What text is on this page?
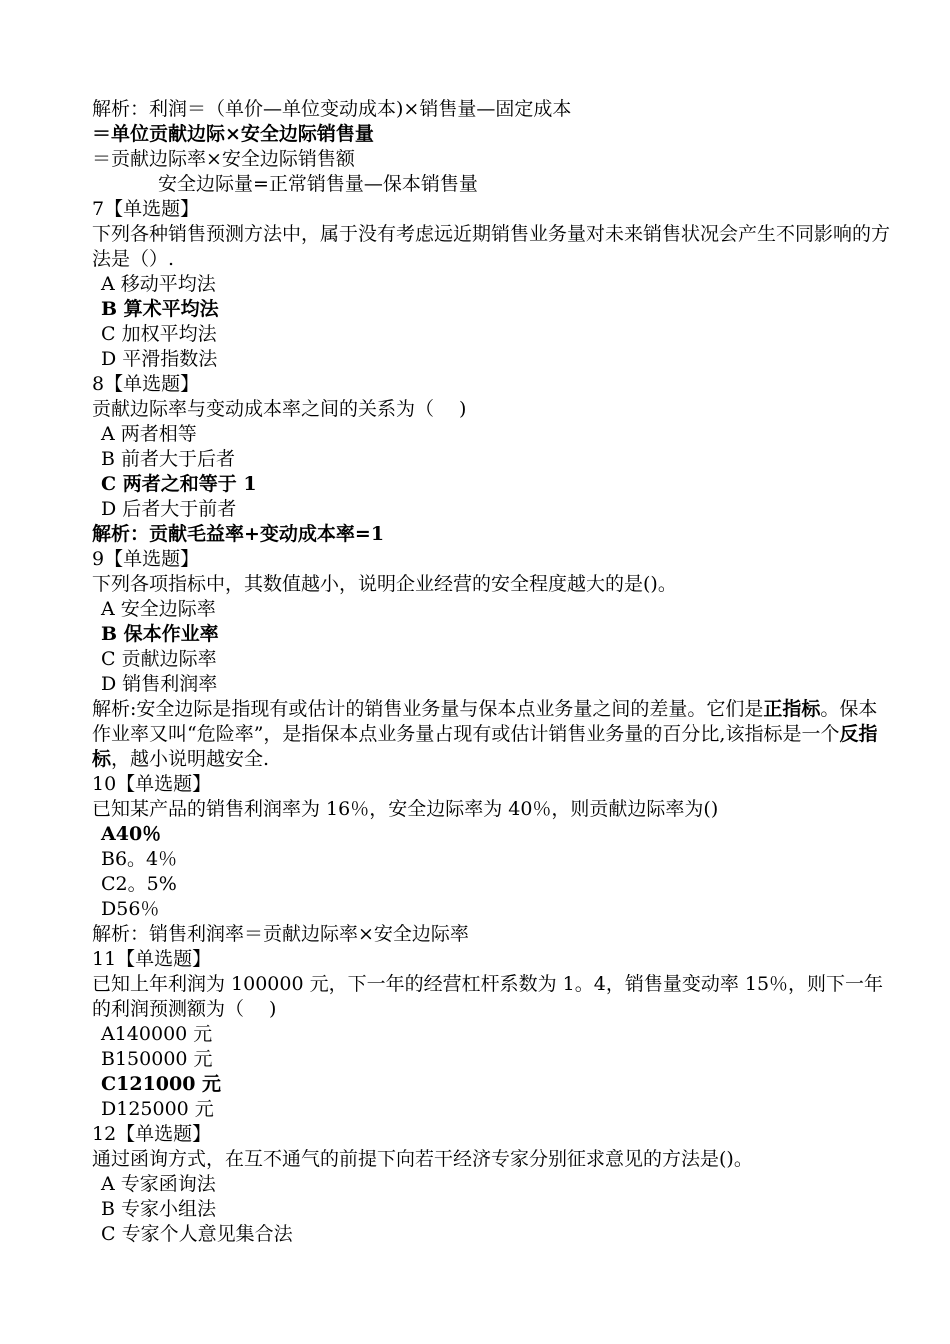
解析：利润＝（单价—单位变动成本)×销售量—固定成本
＝单位贡献边际×安全边际销售量
＝贡献边际率×安全边际销售额
安全边际量=正常销售量—保本销售量
7【单选题】
下列各种销售预测方法中，属于没有考虑远近期销售业务量对未来销售状况会产生不同影响的方法是（）.
A 移动平均法
B 算术平均法
C 加权平均法
D 平滑指数法
8【单选题】
贡献边际率与变动成本率之间的关系为（　 )
A 两者相等
B 前者大于后者
C 两者之和等于 1
D 后者大于前者
解析：贡献毛益率+变动成本率=1
9【单选题】
下列各项指标中，其数值越小，说明企业经营的安全程度越大的是()。
A 安全边际率
B 保本作业率
C 贡献边际率
D 销售利润率
解析:安全边际是指现有或估计的销售业务量与保本点业务量之间的差量。它们是正指标。保本作业率又叫“危险率”，是指保本点业务量占现有或估计销售业务量的百分比,该指标是一个反指标，越小说明越安全.
10【单选题】
已知某产品的销售利润率为 16％，安全边际率为 40％，则贡献边际率为()
A40％
B6。4％
C2。5%
D56％
解析：销售利润率＝贡献边际率×安全边际率
11【单选题】
已知上年利润为 100000 元，下一年的经营杠杆系数为 1。4，销售量变动率 15％，则下一年的利润预测额为（　 )
A140000 元
B150000 元
C121000 元
D125000 元
12【单选题】
通过函询方式，在互不通气的前提下向若干经济专家分别征求意见的方法是()。
A 专家函询法
B 专家小组法
C 专家个人意见集合法
